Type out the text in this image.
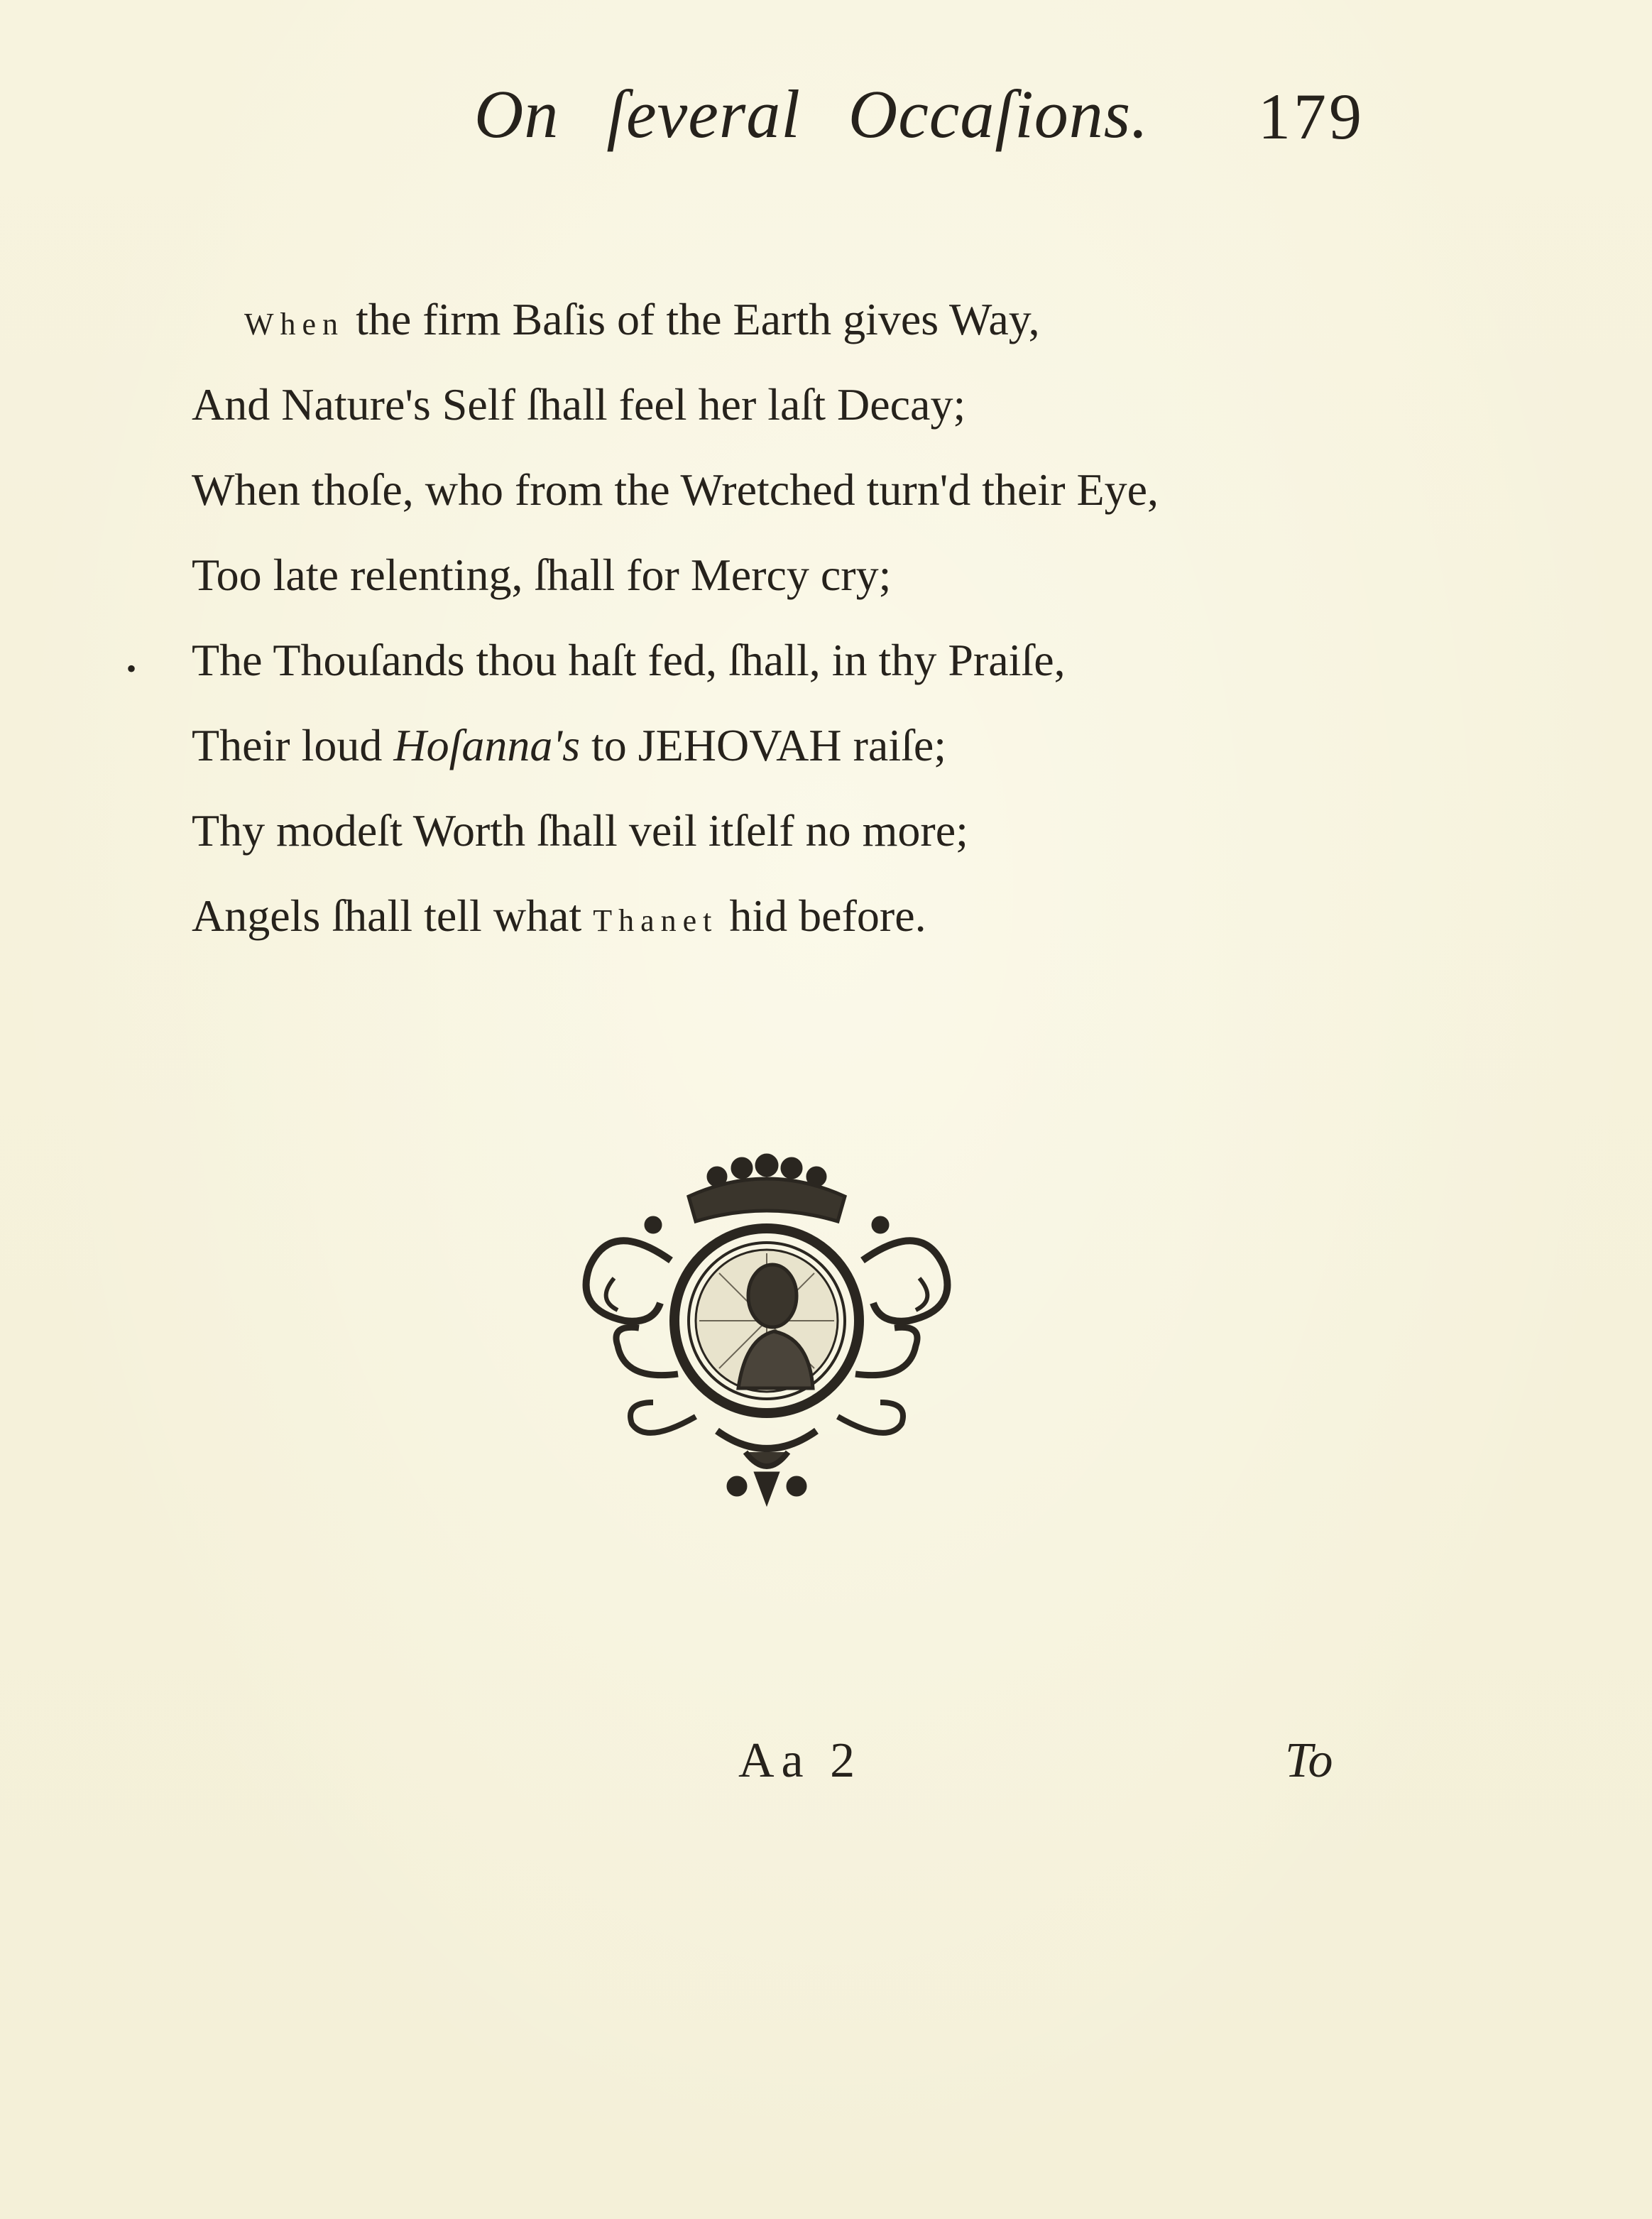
On ſeveral Occaſions. 179
When the firm Baſis of the Earth gives Way,
And Nature's Self ſhall feel her laſt Decay;
When thoſe, who from the Wretched turn'd their Eye,
Too late relenting, ſhall for Mercy cry;
The Thouſands thou haſt fed, ſhall, in thy Praiſe,
Their loud Hoſanna's to JEHOVAH raiſe;
Thy modeſt Worth ſhall veil itſelf no more;
Angels ſhall tell what Thanet hid before.
•
Aa 2	To
